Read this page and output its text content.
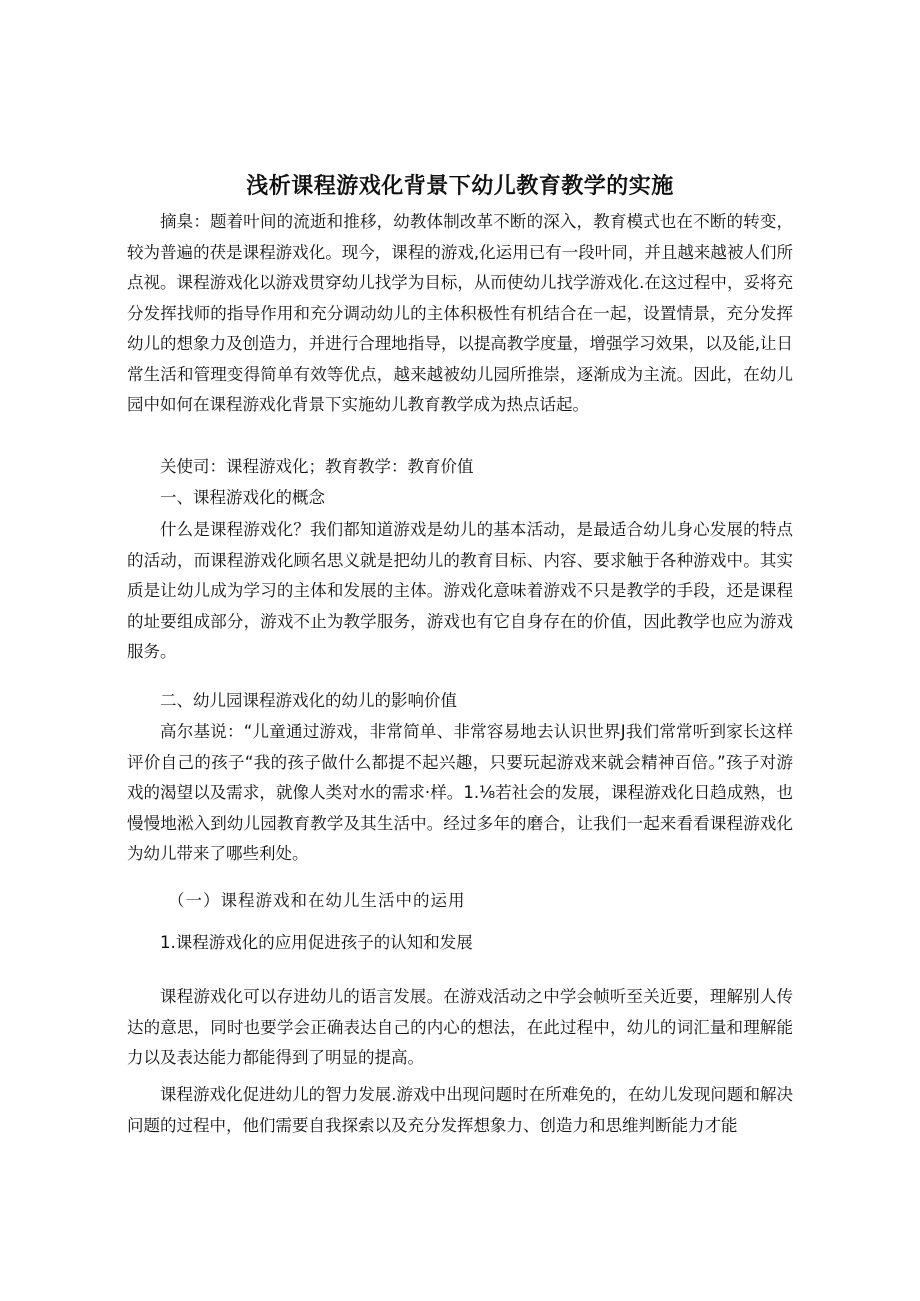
浅析课程游戏化背景下幼儿教育教学的实施

摘臬：题着叶间的流逝和推移，幼教体制改革不断的深入，教育模式也在不断的转变，较为普遍的茯是课程游戏化。现今，课程的游戏,化运用已有一段叶同，并且越来越被人们所点视。课程游戏化以游戏贯穿幼儿找学为目标，从而使幼儿找学游戏化.在这过程中，妥将充分发挥找师的指导作用和充分调动幼儿的主体积极性有机结合在一起，设置情景，充分发挥幼儿的想象力及创造力，并进行合理地指导，以提高教学度量，增强学习效果，以及能,让日常生活和管理变得简单有效等优点，越来越被幼儿园所推崇，逐渐成为主流。因此，在幼儿园中如何在课程游戏化背景下实施幼儿教育教学成为热点话起。

关使司：课程游戏化；教育教学：教育价值

一、课程游戏化的概念

什么是课程游戏化？我们都知道游戏是幼儿的基本活动，是最适合幼儿身心发展的特点的活动，而课程游戏化顾名思义就是把幼儿的教育目标、内容、要求触于各种游戏中。其实质是让幼儿成为学习的主体和发展的主体。游戏化意味着游戏不只是教学的手段，还是课程的址要组成部分，游戏不止为教学服务，游戏也有它自身存在的价值，因此教学也应为游戏服务。

二、幼儿园课程游戏化的幼儿的影响价值

高尔基说：“儿童通过游戏，非常简单、非常容易地去认识世界J我们常常听到家长这样评价自己的孩子“我的孩子做什么都提不起兴趣，只要玩起游戏来就会精神百倍。”孩子对游戏的渴望以及需求，就像人类对水的需求·样。1.⅛若社会的发展，课程游戏化日趋成熟，也慢慢地淞入到幼儿园教育教学及其生活中。经过多年的磨合，让我们一起来看看课程游戏化为幼儿带来了哪些利处。

（一）课程游戏和在幼儿生活中的运用

1.课程游戏化的应用促进孩子的认知和发展

课程游戏化可以存进幼儿的语言发展。在游戏活动之中学会帧听至关近要，理解别人传达的意思，同时也要学会正确表达自己的内心的想法，在此过程中，幼儿的词汇量和理解能力以及表达能力都能得到了明显的提高。

课程游戏化促进幼儿的智力发展.游戏中出现问题时在所难免的，在幼儿发现问题和解决问题的过程中，他们需要自我探索以及充分发挥想象力、创造力和思维判断能力才能
